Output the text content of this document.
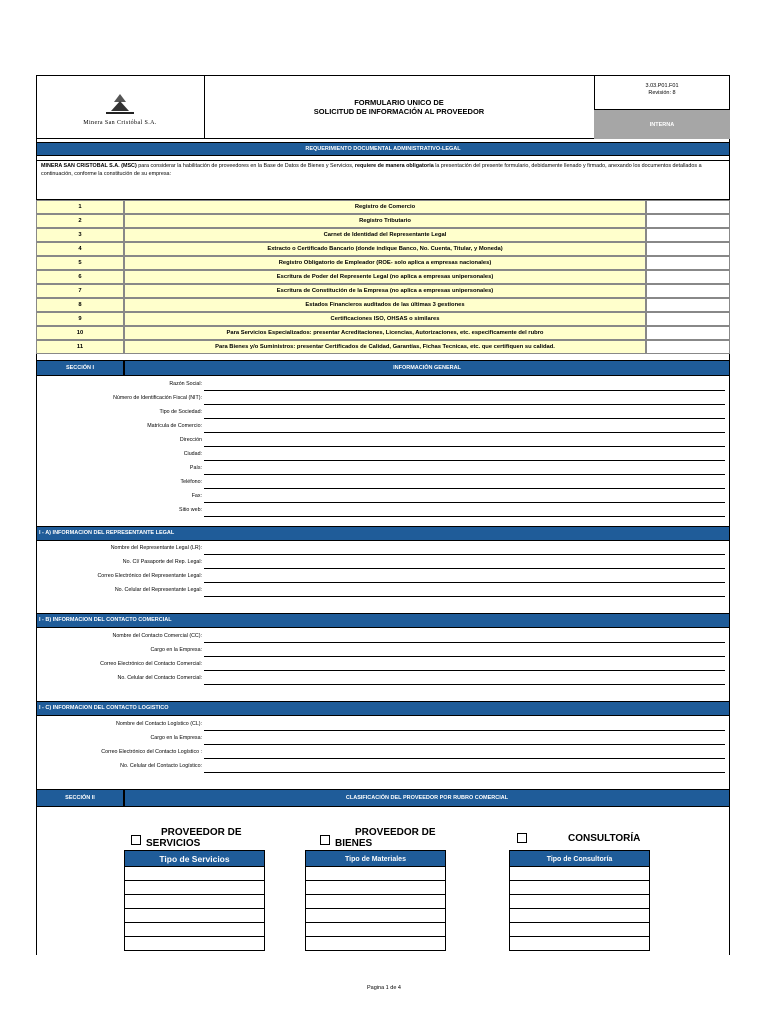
Minera San Cristóbal S.A.
FORMULARIO UNICO DE
SOLICITUD DE INFORMACIÓN AL PROVEEDOR
3.03.P01.F01
Revisión: 8
INTERNA
REQUERIMIENTO DOCUMENTAL ADMINISTRATIVO-LEGAL
MINERA SAN CRISTOBAL S.A. (MSC) para considerar la habilitación de proveedores en la Base de Datos de Bienes y Servicios, requiere de manera obligatoria la presentación del presente formulario, debidamente llenado y firmado, anexando los documentos detallados a continuación, conforme la constitución de su empresa:
1	Registro de Comercio
2	Registro Tributario
3	Carnet de Identidad del Representante Legal
4	Extracto o Certificado Bancario (donde indique Banco, No. Cuenta, Titular, y Moneda)
5	Registro Obligatorio de Empleador (ROE- solo aplica a empresas nacionales)
6	Escritura de Poder del Represente Legal (no aplica a empresas unipersonales)
7	Escritura de Constitución de la Empresa (no aplica a empresas unipersonales)
8	Estados Financieros auditados de las últimas 3 gestiones
9	Certificaciones ISO, OHSAS o similares
10	Para Servicios Especializados: presentar Acreditaciones, Licencias, Autorizaciones, etc. especificamente del rubro
11	Para Bienes y/o Suministros: presentar Certificados de Calidad, Garantías, Fichas Tecnicas, etc. que certifiquen su calidad.
SECCIÓN I	INFORMACIÓN GENERAL
Razón Social:
Número de Identificación Fiscal (NIT):
Tipo de Sociedad:
Matrícula de Comercio:
Dirección
Ciudad:
País:
Teléfono:
Fax:
Sitio web:
I - A) INFORMACION DEL REPRESENTANTE LEGAL
Nombre del Representante Legal (LR):
No. CI/ Pasaporte del Rep. Legal:
Correo Electrónico del Representante Legal:
No. Celular del Representante Legal:
I - B) INFORMACION DEL CONTACTO COMERCIAL
Nombre del Contacto Comercial (CC):
Cargo en la Empresa:
Correo Electrónico del Contacto Comercial:
No. Celular del Contacto Comercial:
I - C) INFORMACION DEL CONTACTO LOGISTICO
Nombre del Contacto Logístico (CL):
Cargo en la Empresa:
Correo Electrónico del Contacto Logístico :
No. Celular del Contacto Logístico:
SECCIÓN II	CLASIFICACIÓN DEL PROVEEDOR POR RUBRO COMERCIAL
PROVEEDOR DE
SERVICIOS
Tipo de Servicios
PROVEEDOR DE
BIENES
Tipo de Materiales
CONSULTORÍA
Tipo de Consultoría
Pagina 1 de 4
